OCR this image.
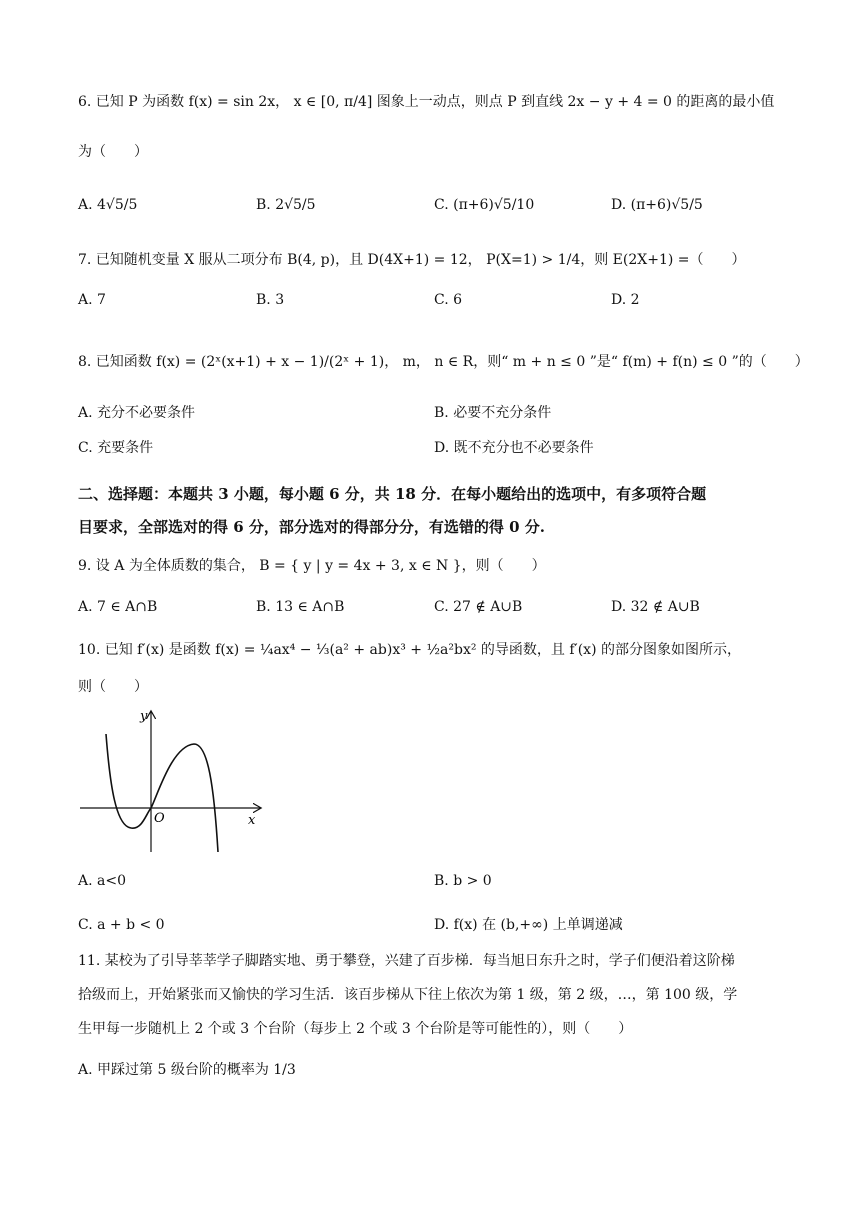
6. 已知 P 为函数 f(x) = sin 2x， x ∈ [0, π/4] 图象上一动点，则点 P 到直线 2x − y + 4 = 0 的距离的最小值
为（　　）
A. 4√5/5	B. 2√5/5	C. (π+6)√5/10	D. (π+6)√5/5
7. 已知随机变量 X 服从二项分布 B(4, p)，且 D(4X+1) = 12， P(X=1) > 1/4，则 E(2X+1) =（　　）
A. 7	B. 3	C. 6	D. 2
8. 已知函数 f(x) = (2ˣ(x+1) + x − 1)/(2ˣ + 1)， m， n ∈ R，则“ m + n ≤ 0 ”是“ f(m) + f(n) ≤ 0 ”的（　　）
A. 充分不必要条件	B. 必要不充分条件
C. 充要条件	D. 既不充分也不必要条件
二、选择题：本题共 3 小题，每小题 6 分，共 18 分．在每小题给出的选项中，有多项符合题
目要求，全部选对的得 6 分，部分选对的得部分分，有选错的得 0 分.
9. 设 A 为全体质数的集合， B = { y | y = 4x + 3, x ∈ N }，则（　　）
A. 7 ∈ A∩B	B. 13 ∈ A∩B	C. 27 ∉ A∪B	D. 32 ∉ A∪B
10. 已知 f′(x) 是函数 f(x) = ¼ax⁴ − ⅓(a² + ab)x³ + ½a²bx² 的导函数，且 f′(x) 的部分图象如图所示，
则（　　）
y
x
O
A. a<0	B. b > 0
C. a + b < 0	D. f(x) 在 (b,+∞) 上单调递减
11. 某校为了引导莘莘学子脚踏实地、勇于攀登，兴建了百步梯．每当旭日东升之时，学子们便沿着这阶梯
拾级而上，开始紧张而又愉快的学习生活．该百步梯从下往上依次为第 1 级，第 2 级，…，第 100 级，学
生甲每一步随机上 2 个或 3 个台阶（每步上 2 个或 3 个台阶是等可能性的），则（　　）
A. 甲踩过第 5 级台阶的概率为 1/3
